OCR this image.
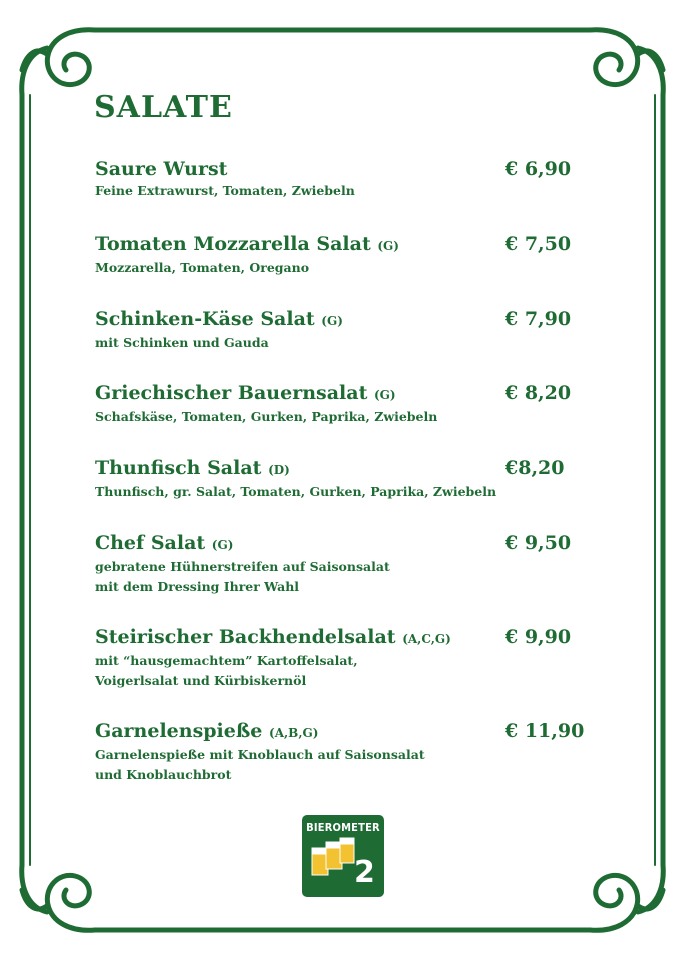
SALATE
Saure Wurst
Feine Extrawurst, Tomaten, Zwiebeln
€ 6,90
Tomaten Mozzarella Salat (G)
Mozzarella, Tomaten, Oregano
€ 7,50
Schinken-Käse Salat (G)
mit Schinken und Gauda
€ 7,90
Griechischer Bauernsalat (G)
Schafskäse, Tomaten, Gurken, Paprika, Zwiebeln
€ 8,20
Thunfisch Salat (D)
Thunfisch, gr. Salat, Tomaten, Gurken, Paprika, Zwiebeln
€8,20
Chef Salat (G)
gebratene Hühnerstreifen auf Saisonsalat
mit dem Dressing Ihrer Wahl
€ 9,50
Steirischer Backhendelsalat (A,C,G)
mit “hausgemachtem” Kartoffelsalat,
Voigerlsalat und Kürbiskernöl
€ 9,90
Garnelenspieße (A,B,G)
Garnelenspieße mit Knoblauch auf Saisonsalat
und Knoblauchbrot
€ 11,90
BIEROMETER
2
